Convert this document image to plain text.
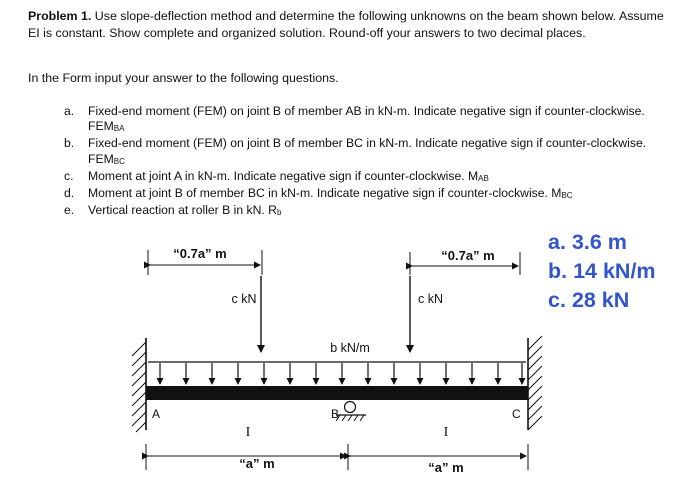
Problem 1. Use slope-deflection method and determine the following unknowns on the beam shown below. Assume EI is constant. Show complete and organized solution. Round-off your answers to two decimal places.

In the Form input your answer to the following questions.

a. Fixed-end moment (FEM) on joint B of member AB in kN-m. Indicate negative sign if counter-clockwise. FEMBA
b. Fixed-end moment (FEM) on joint B of member BC in kN-m. Indicate negative sign if counter-clockwise. FEMBC
c. Moment at joint A in kN-m. Indicate negative sign if counter-clockwise. MAB
d. Moment at joint B of member BC in kN-m. Indicate negative sign if counter-clockwise. MBC
e. Vertical reaction at roller B in kN. Rb
“0.7a” m	“0.7a” m
c kN	c kN
b kN/m
A	B	C
I	I
“a” m	“a” m
a. 3.6 m
b. 14 kN/m
c. 28 kN
